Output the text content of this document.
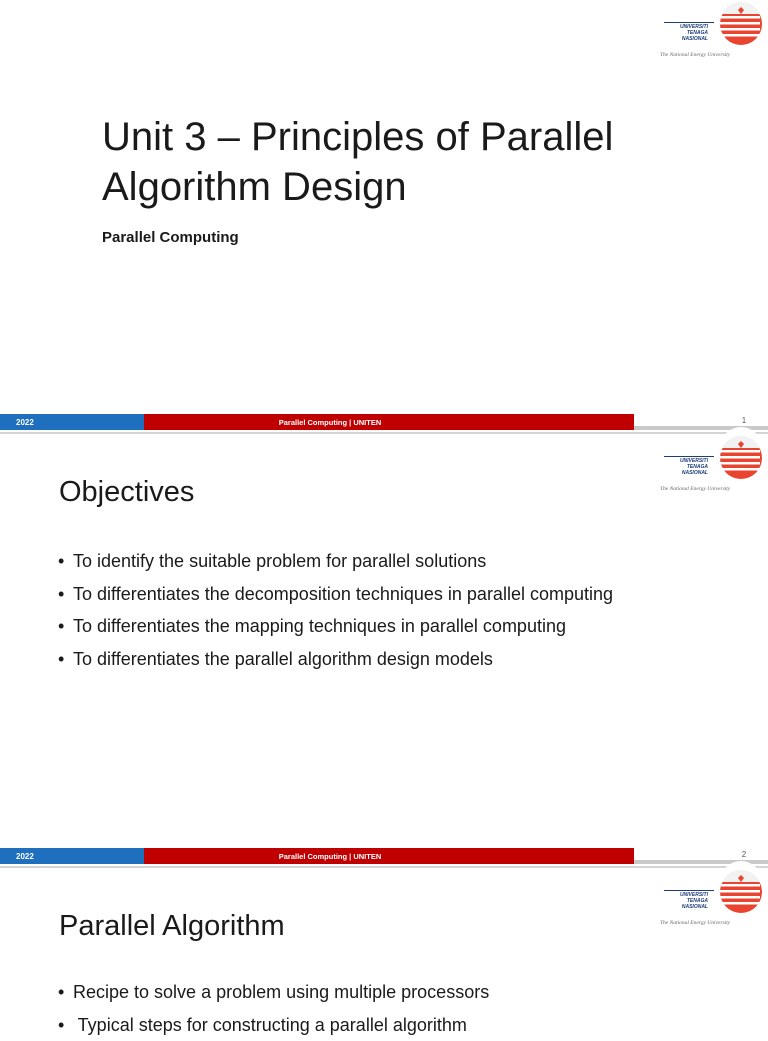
UNIVERSITI
TENAGA
NASIONAL
The National Energy University
Unit 3 – Principles of Parallel Algorithm Design
Parallel Computing
2022	Parallel Computing | UNITEN	1
UNIVERSITI
TENAGA
NASIONAL
The National Energy University
Objectives
• To identify the suitable problem for parallel solutions
• To differentiates the decomposition techniques in parallel computing
• To differentiates the mapping techniques in parallel computing
• To differentiates the parallel algorithm design models
2022	Parallel Computing | UNITEN	2
UNIVERSITI
TENAGA
NASIONAL
The National Energy University
Parallel Algorithm
• Recipe to solve a problem using multiple processors
• Typical steps for constructing a parallel algorithm
